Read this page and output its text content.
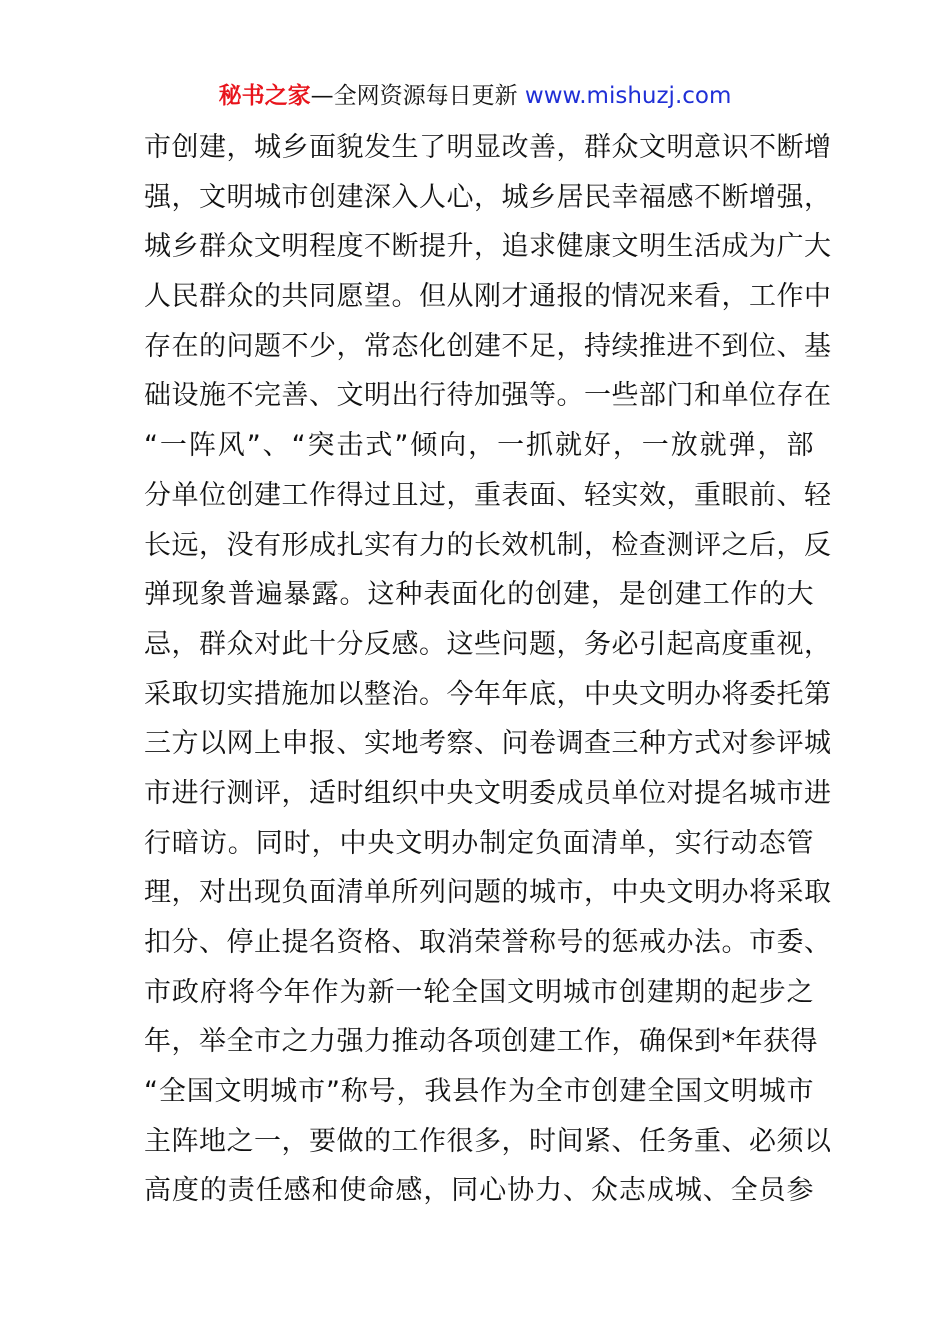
秘书之家—全网资源每日更新 www.mishuzj.com
市创建，城乡面貌发生了明显改善，群众文明意识不断增
强，文明城市创建深入人心，城乡居民幸福感不断增强，
城乡群众文明程度不断提升，追求健康文明生活成为广大
人民群众的共同愿望。但从刚才通报的情况来看，工作中
存在的问题不少，常态化创建不足，持续推进不到位、基
础设施不完善、文明出行待加强等。一些部门和单位存在
“一阵风”、“突击式”倾向，一抓就好，一放就弹，部
分单位创建工作得过且过，重表面、轻实效，重眼前、轻
长远，没有形成扎实有力的长效机制，检查测评之后，反
弹现象普遍暴露。这种表面化的创建，是创建工作的大
忌，群众对此十分反感。这些问题，务必引起高度重视，
采取切实措施加以整治。今年年底，中央文明办将委托第
三方以网上申报、实地考察、问卷调查三种方式对参评城
市进行测评，适时组织中央文明委成员单位对提名城市进
行暗访。同时，中央文明办制定负面清单，实行动态管
理，对出现负面清单所列问题的城市，中央文明办将采取
扣分、停止提名资格、取消荣誉称号的惩戒办法。市委、
市政府将今年作为新一轮全国文明城市创建期的起步之
年，举全市之力强力推动各项创建工作，确保到*年获得
“全国文明城市”称号，我县作为全市创建全国文明城市
主阵地之一，要做的工作很多，时间紧、任务重、必须以
高度的责任感和使命感，同心协力、众志成城、全员参
